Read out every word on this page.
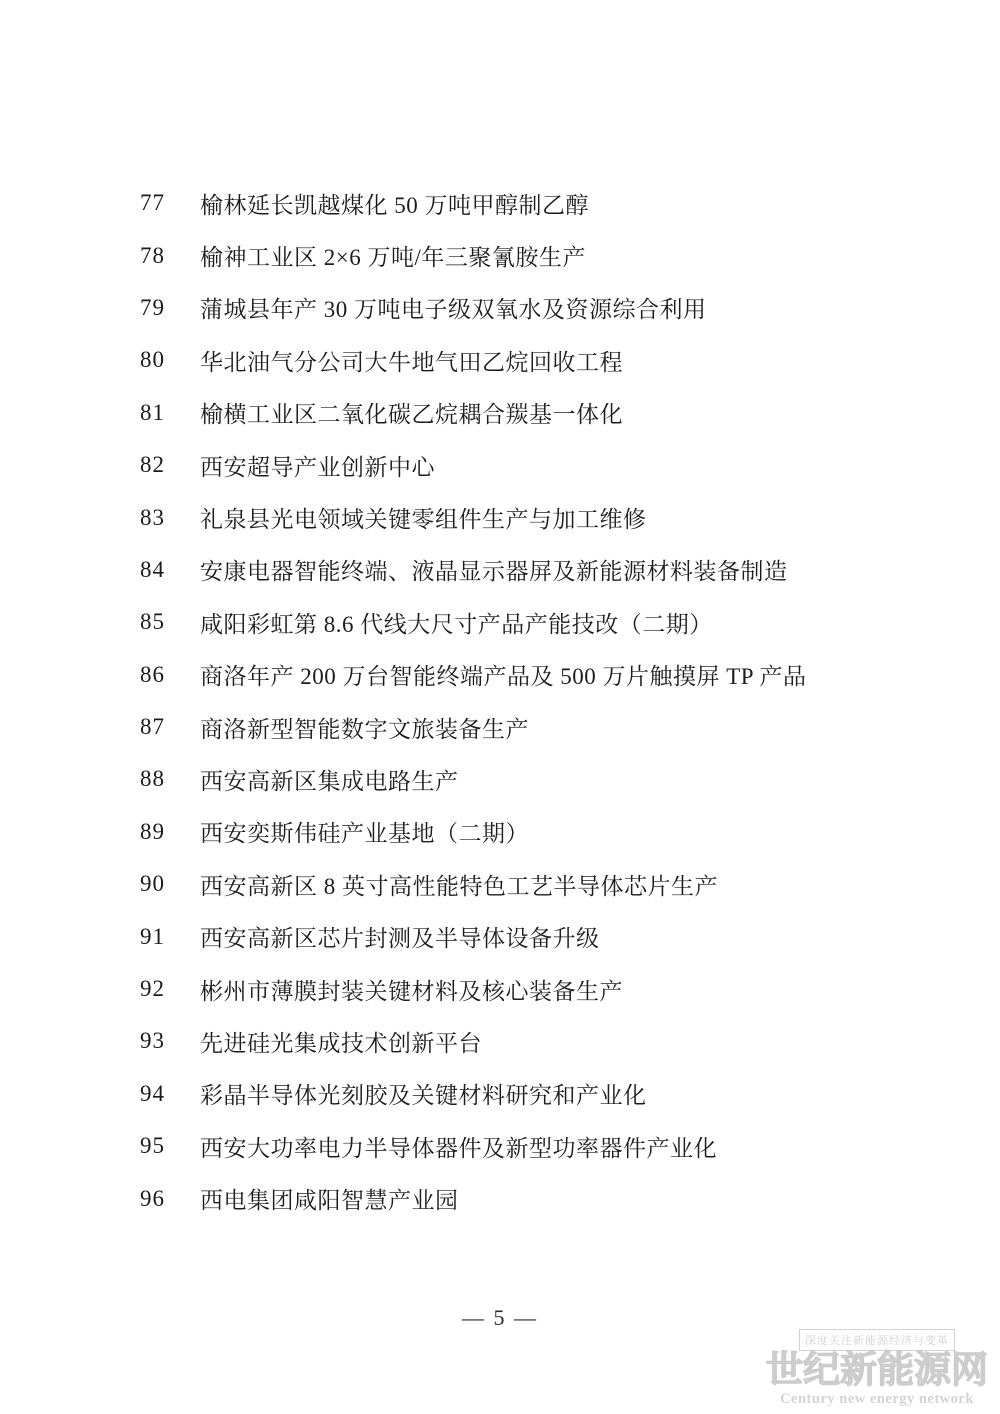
77	榆林延长凯越煤化 50 万吨甲醇制乙醇
78	榆神工业区 2×6 万吨/年三聚氰胺生产
79	蒲城县年产 30 万吨电子级双氧水及资源综合利用
80	华北油气分公司大牛地气田乙烷回收工程
81	榆横工业区二氧化碳乙烷耦合羰基一体化
82	西安超导产业创新中心
83	礼泉县光电领域关键零组件生产与加工维修
84	安康电器智能终端、液晶显示器屏及新能源材料装备制造
85	咸阳彩虹第 8.6 代线大尺寸产品产能技改（二期）
86	商洛年产 200 万台智能终端产品及 500 万片触摸屏 TP 产品
87	商洛新型智能数字文旅装备生产
88	西安高新区集成电路生产
89	西安奕斯伟硅产业基地（二期）
90	西安高新区 8 英寸高性能特色工艺半导体芯片生产
91	西安高新区芯片封测及半导体设备升级
92	彬州市薄膜封装关键材料及核心装备生产
93	先进硅光集成技术创新平台
94	彩晶半导体光刻胶及关键材料研究和产业化
95	西安大功率电力半导体器件及新型功率器件产业化
96	西电集团咸阳智慧产业园
— 5 —
深度关注新能源经济与变革
世纪新能源网
Century new energy network
